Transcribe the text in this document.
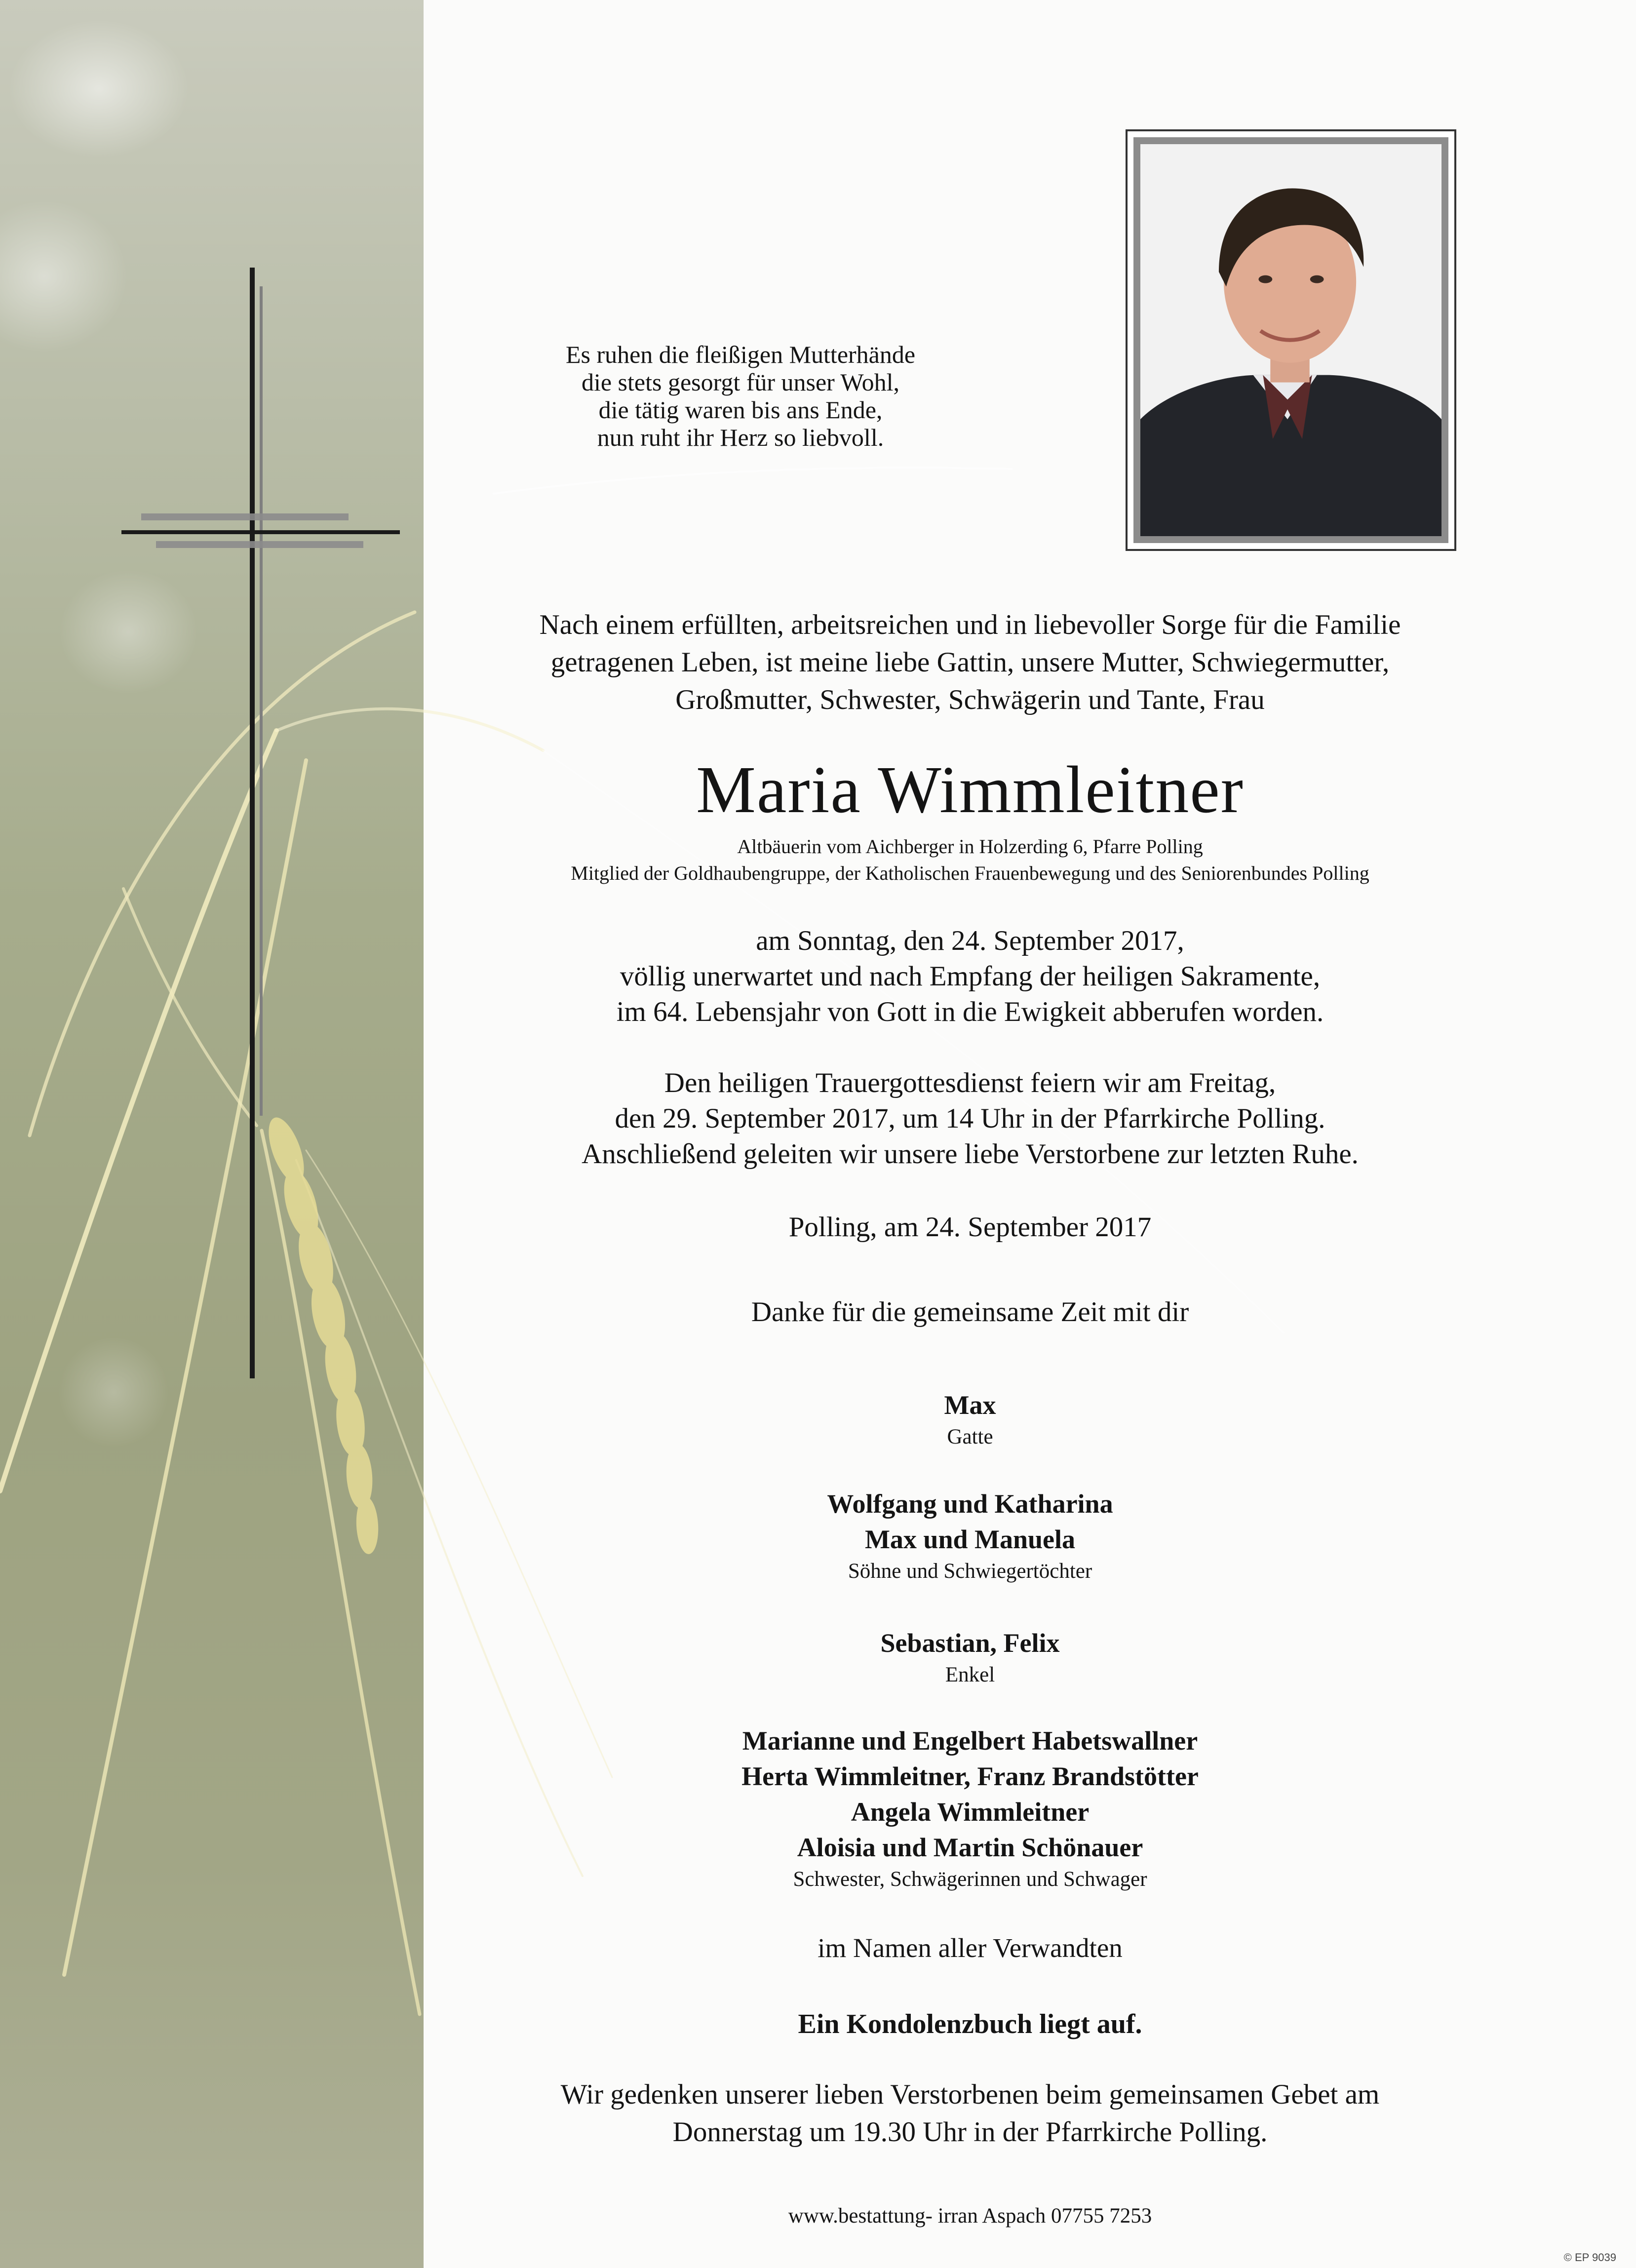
Es ruhen die fleißigen Mutterhände
die stets gesorgt für unser Wohl,
die tätig waren bis ans Ende,
nun ruht ihr Herz so liebvoll.
Nach einem erfüllten, arbeitsreichen und in liebevoller Sorge für die Familie
getragenen Leben, ist meine liebe Gattin, unsere Mutter, Schwiegermutter,
Großmutter, Schwester, Schwägerin und Tante, Frau
Maria Wimmleitner
Altbäuerin vom Aichberger in Holzerding 6, Pfarre Polling
Mitglied der Goldhaubengruppe, der Katholischen Frauenbewegung und des Seniorenbundes Polling
am Sonntag, den 24. September 2017,
völlig unerwartet und nach Empfang der heiligen Sakramente,
im 64. Lebensjahr von Gott in die Ewigkeit abberufen worden.
Den heiligen Trauergottesdienst feiern wir am Freitag,
den 29. September 2017, um 14 Uhr in der Pfarrkirche Polling.
Anschließend geleiten wir unsere liebe Verstorbene zur letzten Ruhe.
Polling, am 24. September 2017
Danke für die gemeinsame Zeit mit dir
Max
Gatte
Wolfgang und Katharina
Max und Manuela
Söhne und Schwiegertöchter
Sebastian, Felix
Enkel
Marianne und Engelbert Habetswallner
Herta Wimmleitner, Franz Brandstötter
Angela Wimmleitner
Aloisia und Martin Schönauer
Schwester, Schwägerinnen und Schwager
im Namen aller Verwandten
Ein Kondolenzbuch liegt auf.
Wir gedenken unserer lieben Verstorbenen beim gemeinsamen Gebet am
Donnerstag um 19.30 Uhr in der Pfarrkirche Polling.
www.bestattung- irran Aspach 07755 7253
© EP 9039
